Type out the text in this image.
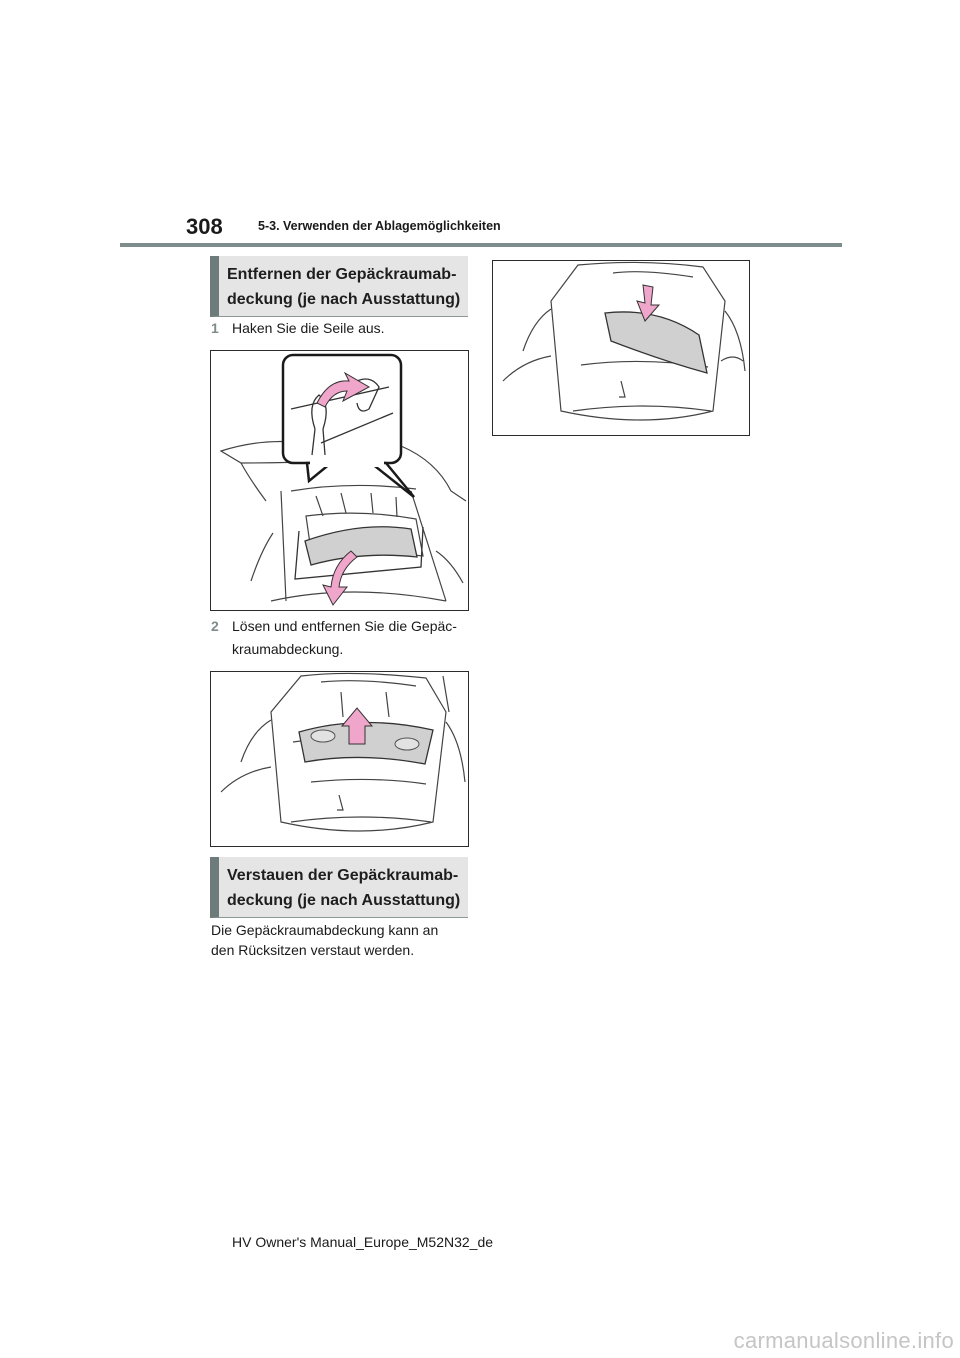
308	5-3. Verwenden der Ablagemöglichkeiten
Entfernen der Gepäckraumab-
deckung (je nach Ausstattung)
1 Haken Sie die Seile aus.
2 Lösen und entfernen Sie die Gepäc-
kraumabdeckung.
Verstauen der Gepäckraumab-
deckung (je nach Ausstattung)
Die Gepäckraumabdeckung kann an
den Rücksitzen verstaut werden.
HV Owner's Manual_Europe_M52N32_de
carmanualsonline.info
